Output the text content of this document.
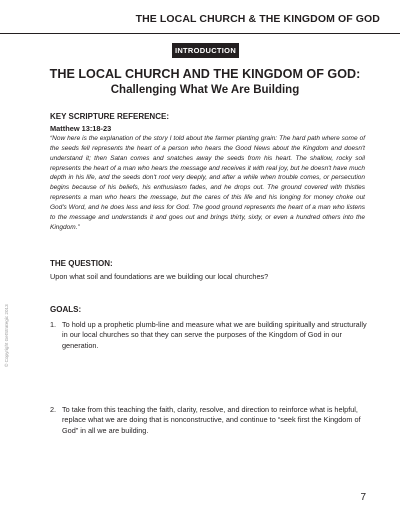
THE LOCAL CHURCH & THE KINGDOM OF GOD
INTRODUCTION
THE LOCAL CHURCH AND THE KINGDOM OF GOD:
Challenging What We Are Building
KEY SCRIPTURE REFERENCE:
Matthew 13:18-23
“Now here is the explanation of the story I told about the farmer planting grain: The hard path where some of the seeds fell represents the heart of a person who hears the Good News about the Kingdom and doesn't understand it; then Satan comes and snatches away the seeds from his heart. The shallow, rocky soil represents the heart of a man who hears the message and receives it with real joy, but he doesn't have much depth in his life, and the seeds don't root very deeply, and after a while when trouble comes, or persecution begins because of his beliefs, his enthusiasm fades, and he drops out. The ground covered with thistles represents a man who hears the message, but the cares of this life and his longing for money choke out God's Word, and he does less and less for God. The good ground represents the heart of a man who listens to the message and understands it and goes out and brings thirty, sixty, or even a hundred others into the Kingdom.”
THE QUESTION:
Upon what soil and foundations are we building our local churches?
GOALS:
1. To hold up a prophetic plumb-line and measure what we are building spiritually and structurally in our local churches so that they can serve the purposes of the Kingdom of God in our generation.
2. To take from this teaching the faith, clarity, resolve, and direction to reinforce what is helpful, replace what we are doing that is nonconstructive, and continue to “seek first the Kingdom of God” in all we are building.
© Copyright GetStrategic 2013
7
